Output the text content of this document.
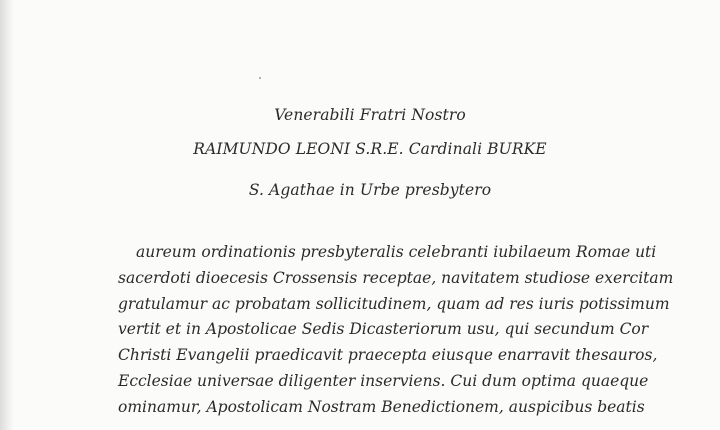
Venerabili Fratri Nostro
RAIMUNDO LEONI S.R.E. Cardinali BURKE
S. Agathae in Urbe presbytero
aureum ordinationis presbyteralis celebranti iubilaeum Romae uti
sacerdoti dioecesis Crossensis receptae, navitatem studiose exercitam
gratulamur ac probatam sollicitudinem, quam ad res iuris potissimum
vertit et in Apostolicae Sedis Dicasteriorum usu, qui secundum Cor
Christi Evangelii praedicavit praecepta eiusque enarravit thesauros,
Ecclesiae universae diligenter inserviens. Cui dum optima quaeque
ominamur, Apostolicam Nostram Benedictionem, auspicibus beatis
